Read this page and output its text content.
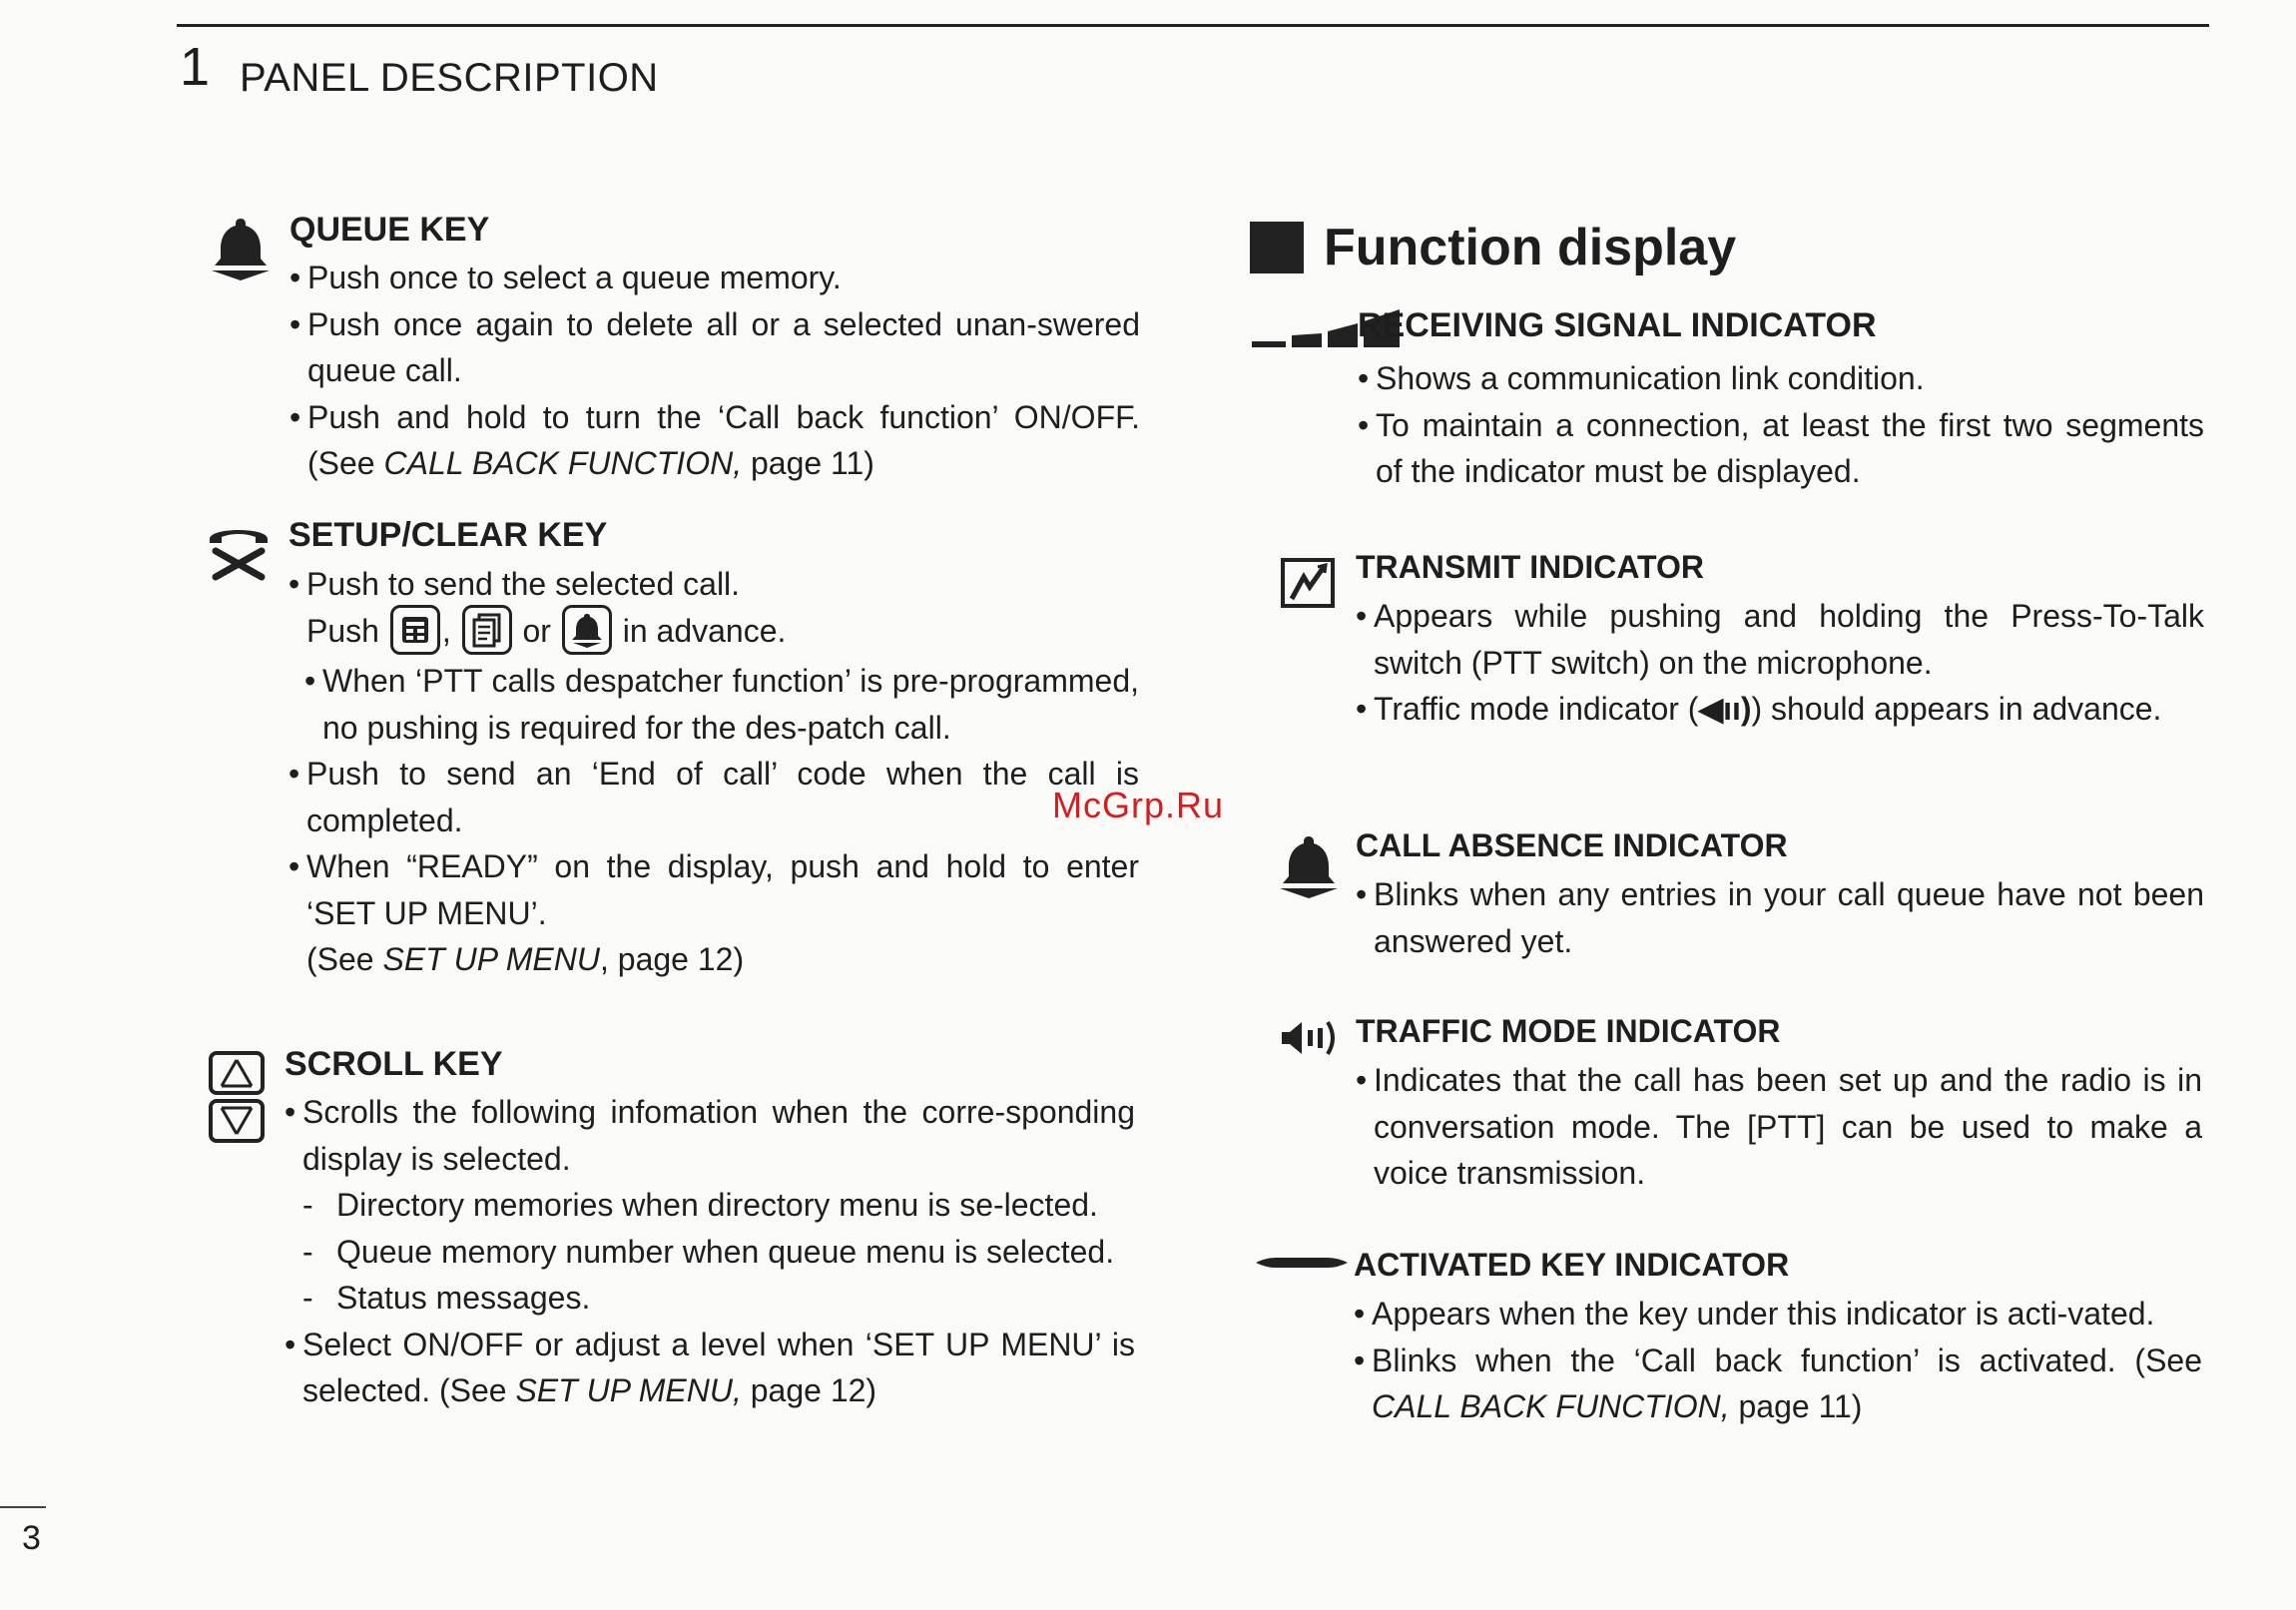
1 PANEL DESCRIPTION

QUEUE KEY

• Push once to select a queue memory.

• Push once again to delete all or a selected unan-swered queue call.

• Push and hold to turn the ‘Call back function’ ON/OFF. (See CALL BACK FUNCTION, page 11)

SETUP/CLEAR KEY

• Push to send the selected call.

Push , or in advance.

• When ‘PTT calls despatcher function’ is pre-programmed, no pushing is required for the des-patch call.

• Push to send an ‘End of call’ code when the call is completed.

• When “READY” on the display, push and hold to enter ‘SET UP MENU’.

(See SET UP MENU, page 12)

SCROLL KEY

• Scrolls the following infomation when the corre-sponding display is selected.

- Directory memories when directory menu is se-lected.

- Queue memory number when queue menu is selected.

- Status messages.

• Select ON/OFF or adjust a level when ‘SET UP MENU’ is selected. (See SET UP MENU, page 12)

Function display

RECEIVING SIGNAL INDICATOR

• Shows a communication link condition.

• To maintain a connection, at least the first two segments of the indicator must be displayed.

TRANSMIT INDICATOR

• Appears while pushing and holding the Press-To-Talk switch (PTT switch) on the microphone.

• Traffic mode indicator (◀ıı)) should appears in advance.

CALL ABSENCE INDICATOR

• Blinks when any entries in your call queue have not been answered yet.

TRAFFIC MODE INDICATOR

• Indicates that the call has been set up and the radio is in conversation mode. The [PTT] can be used to make a voice transmission.

ACTIVATED KEY INDICATOR

• Appears when the key under this indicator is acti-vated.

• Blinks when the ‘Call back function’ is activated. (See CALL BACK FUNCTION, page 11)

McGrp.Ru
3
